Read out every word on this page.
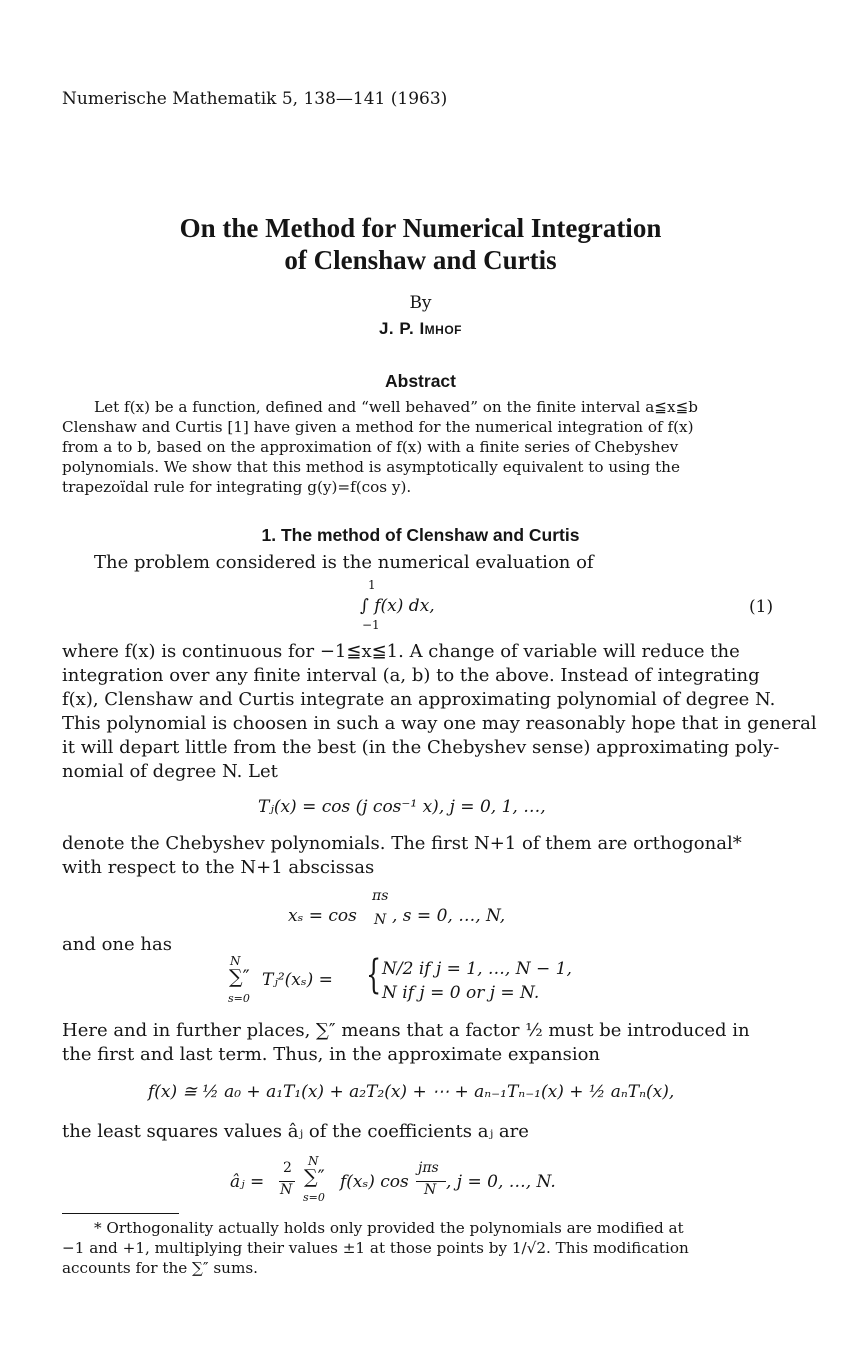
Numerische Mathematik 5, 138—141 (1963)
On the Method for Numerical Integration
of Clenshaw and Curtis
By
J. P. Imhof
Abstract
Let f(x) be a function, defined and “well behaved” on the finite interval a≦x≦b
Clenshaw and Curtis [1] have given a method for the numerical integration of f(x)
from a to b, based on the approximation of f(x) with a finite series of Chebyshev
polynomials. We show that this method is asymptotically equivalent to using the
trapezoïdal rule for integrating g(y)=f(cos y).
1. The method of Clenshaw and Curtis
The problem considered is the numerical evaluation of
1
∫ f(x) dx,
−1
(1)
where f(x) is continuous for −1≦x≦1. A change of variable will reduce the
integration over any finite interval (a, b) to the above. Instead of integrating
f(x), Clenshaw and Curtis integrate an approximating polynomial of degree N.
This polynomial is choosen in such a way one may reasonably hope that in general
it will depart little from the best (in the Chebyshev sense) approximating poly-
nomial of degree N. Let
Tⱼ(x) = cos (j cos⁻¹ x), j = 0, 1, …,
denote the Chebyshev polynomials. The first N+1 of them are orthogonal*
with respect to the N+1 abscissas
xₛ = cos
πs
N , s = 0, …, N,
and one has
N
∑″
s=0
Tⱼ²(xₛ) = { N/2 if j = 1, …, N − 1,
N if j = 0 or j = N.
Here and in further places, ∑″ means that a factor ½ must be introduced in
the first and last term. Thus, in the approximate expansion
f(x) ≅ ½ a₀ + a₁T₁(x) + a₂T₂(x) + ⋯ + aₙ₋₁Tₙ₋₁(x) + ½ aₙTₙ(x),
the least squares values âⱼ of the coefficients aⱼ are
âⱼ =
2
N
N
∑″
s=0
f(xₛ) cos
jπs
N , j = 0, …, N.
* Orthogonality actually holds only provided the polynomials are modified at
−1 and +1, multiplying their values ±1 at those points by 1/√2. This modification
accounts for the ∑″ sums.
